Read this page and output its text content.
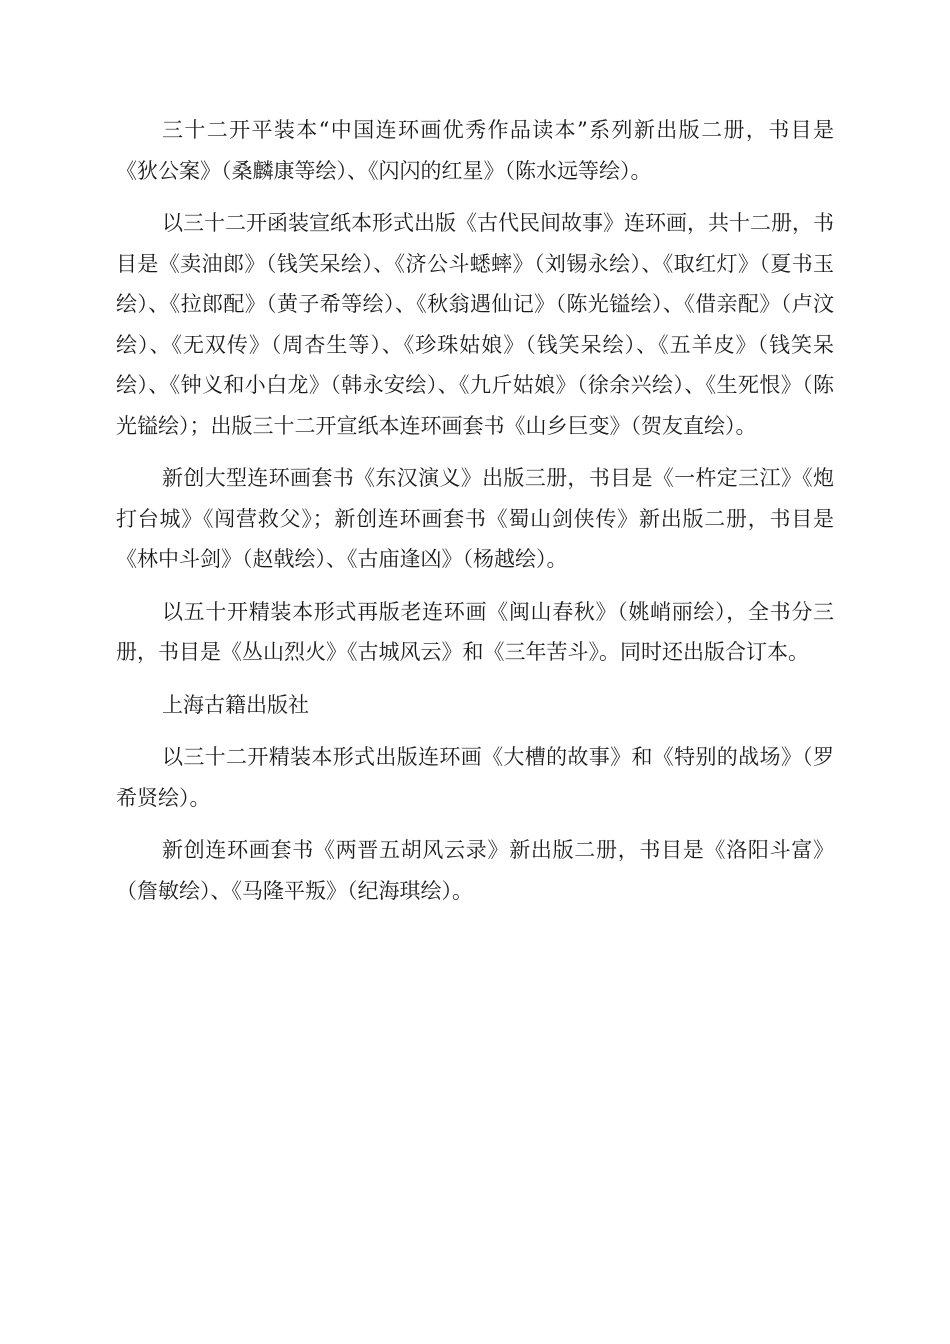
三十二开平装本“中国连环画优秀作品读本”系列新出版二册，书目是《狄公案》（桑麟康等绘）、《闪闪的红星》（陈水远等绘）。

以三十二开函装宣纸本形式出版《古代民间故事》连环画，共十二册，书目是《卖油郎》（钱笑呆绘）、《济公斗蟋蟀》（刘锡永绘）、《取红灯》（夏书玉绘）、《拉郎配》（黄子希等绘）、《秋翁遇仙记》（陈光镒绘）、《借亲配》（卢汶绘）、《无双传》（周杏生等）、《珍珠姑娘》（钱笑呆绘）、《五羊皮》（钱笑呆绘）、《钟义和小白龙》（韩永安绘）、《九斤姑娘》（徐余兴绘）、《生死恨》（陈光镒绘）；出版三十二开宣纸本连环画套书《山乡巨变》（贺友直绘）。

新创大型连环画套书《东汉演义》出版三册，书目是《一杵定三江》《炮打台城》《闯营救父》；新创连环画套书《蜀山剑侠传》新出版二册，书目是《林中斗剑》（赵戟绘）、《古庙逢凶》（杨越绘）。

以五十开精装本形式再版老连环画《闽山春秋》（姚峭丽绘），全书分三册，书目是《丛山烈火》《古城风云》和《三年苦斗》。同时还出版合订本。

上海古籍出版社

以三十二开精装本形式出版连环画《大槽的故事》和《特别的战场》（罗希贤绘）。

新创连环画套书《两晋五胡风云录》新出版二册，书目是《洛阳斗富》（詹敏绘）、《马隆平叛》（纪海琪绘）。
